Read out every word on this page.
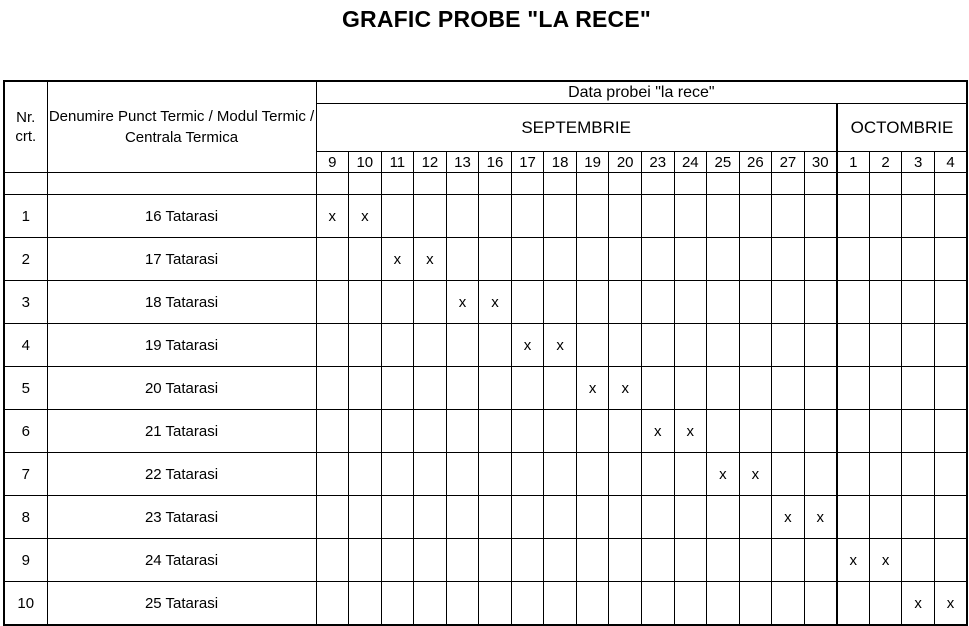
GRAFIC PROBE "LA RECE"
Nr. crt.	Denumire Punct Termic / Modul Termic / Centrala Termica	Data probei "la rece"																			
		SEPTEMBRIE																OCTOMBRIE			
		9	10	11	12	13	16	17	18	19	20	23	24	25	26	27	30	1	2	3	4

1	16 Tatarasi	x	x																		
2	17 Tatarasi			x	x																
3	18 Tatarasi					x	x														
4	19 Tatarasi							x	x												
5	20 Tatarasi									x	x										
6	21 Tatarasi											x	x								
7	22 Tatarasi													x	x						
8	23 Tatarasi															x	x				
9	24 Tatarasi																	x	x		
10	25 Tatarasi																			x	x
